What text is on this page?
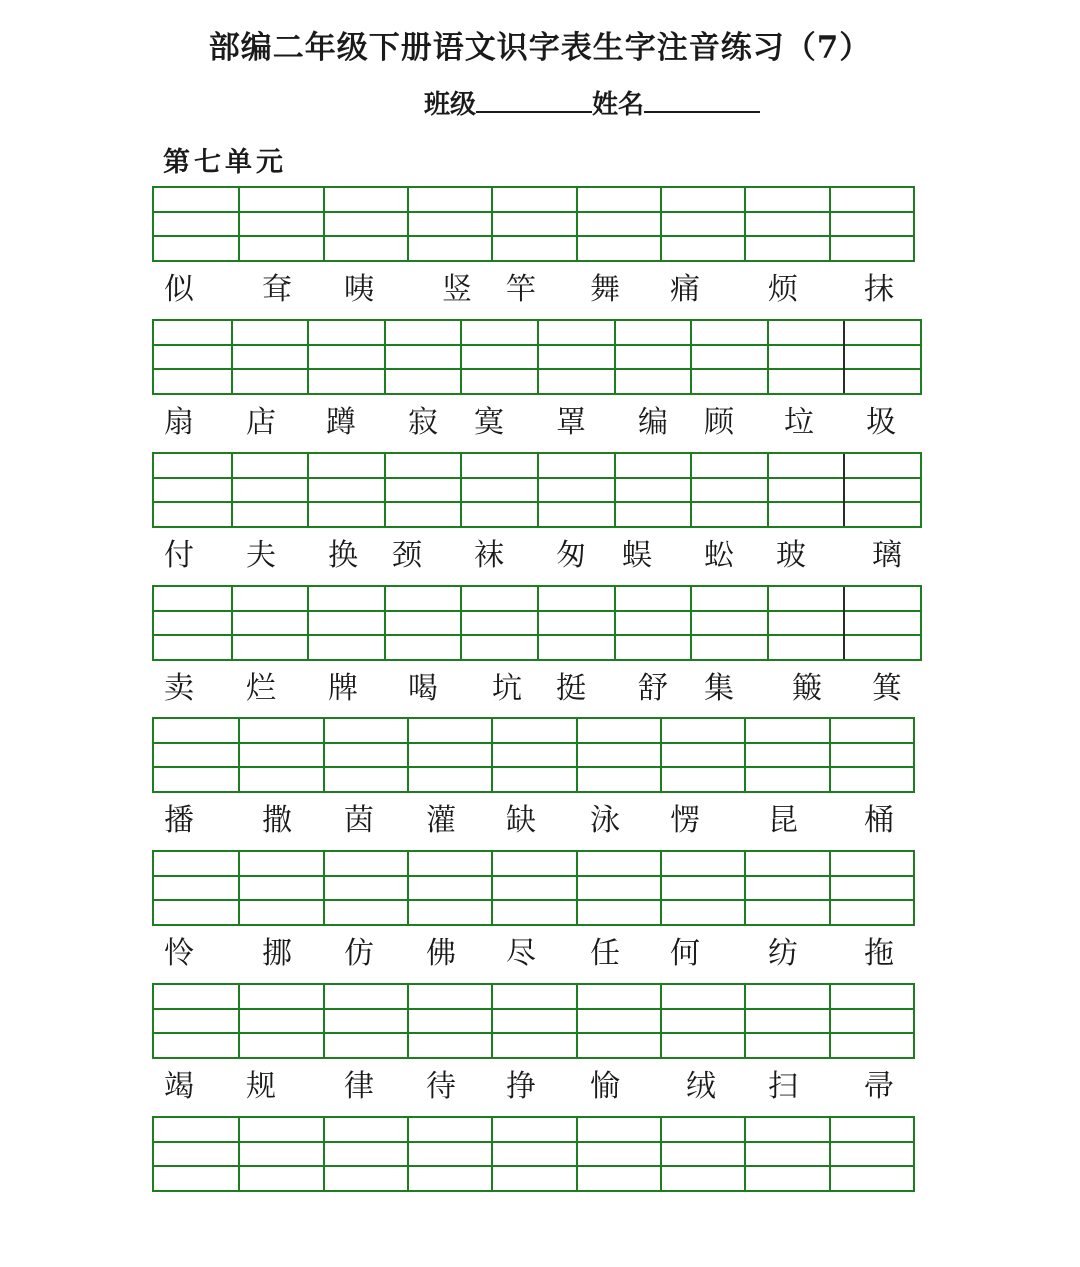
部编二年级下册语文识字表生字注音练习（7）
班级	姓名
第七单元
似 耷 咦 竖 竿 舞 痛 烦 抹
扇 店 蹲 寂 寞 罩 编 顾 垃 圾
付 夫 换 颈 袜 匆 蜈 蚣 玻 璃
卖 烂 牌 喝 坑 挺 舒 集 簸 箕
播 撒 茵 灌 缺 泳 愣 昆 桶
怜 挪 仿 佛 尽 任 何 纺 拖
竭 规 律 待 挣 愉 绒 扫 帚
